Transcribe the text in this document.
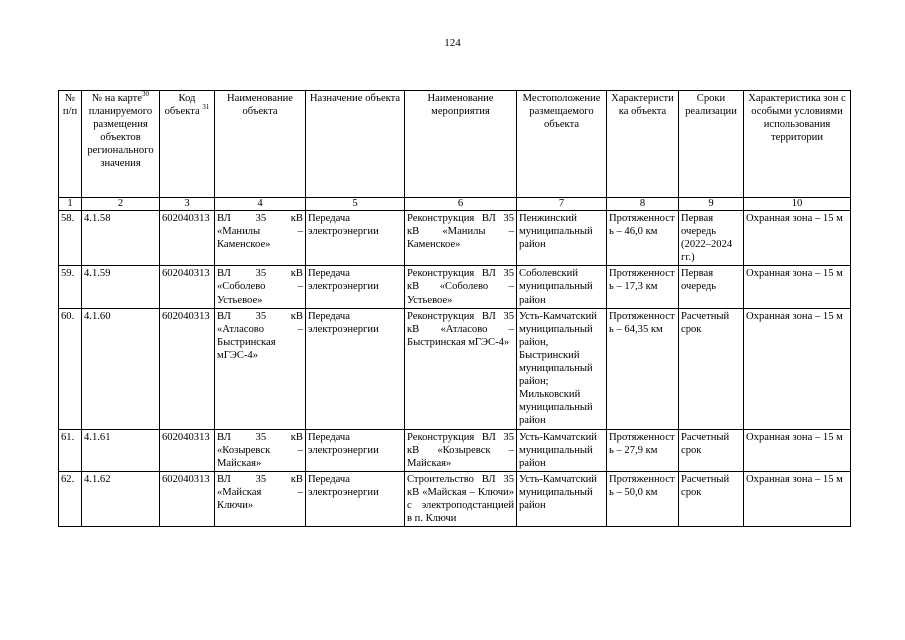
124
№ п/п	№ на карте$^{30}$ планируемого размещения объектов регионального значения	Код объекта $^{31}$	Наименование объекта	Назначение объекта	Наименование мероприятия	Местоположение размещаемого объекта	Характеристика объекта	Сроки реализации	Характеристика зон с особыми условиями использования территории
1	2	3	4	5	6	7	8	9	10
58.	4.1.58	602040313	ВЛ 35 кВ «Манилы – Каменское»	Передача электроэнергии	Реконструкция ВЛ 35 кВ «Манилы – Каменское»	Пенжинский муниципальный район	Протяженность – 46,0 км	Первая очередь (2022–2024 гг.)	Охранная зона – 15 м
59.	4.1.59	602040313	ВЛ 35 кВ «Соболево – Устьевое»	Передача электроэнергии	Реконструкция ВЛ 35 кВ «Соболево – Устьевое»	Соболевский муниципальный район	Протяженность – 17,3 км	Первая очередь	Охранная зона – 15 м
60.	4.1.60	602040313	ВЛ 35 кВ «Атласово – Быстринская мГЭС-4»	Передача электроэнергии	Реконструкция ВЛ 35 кВ «Атласово – Быстринская мГЭС-4»	Усть-Камчатский муниципальный район, Быстринский муниципальный район; Мильковский муниципальный район	Протяженность – 64,35 км	Расчетный срок	Охранная зона – 15 м
61.	4.1.61	602040313	ВЛ 35 кВ «Козыревск – Майская»	Передача электроэнергии	Реконструкция ВЛ 35 кВ «Козыревск – Майская»	Усть-Камчатский муниципальный район	Протяженность – 27,9 км	Расчетный срок	Охранная зона – 15 м
62.	4.1.62	602040313	ВЛ 35 кВ «Майская – Ключи»	Передача электроэнергии	Строительство ВЛ 35 кВ «Майская – Ключи» с электроподстанцией в п. Ключи	Усть-Камчатский муниципальный район	Протяженность – 50,0 км	Расчетный срок	Охранная зона – 15 м
